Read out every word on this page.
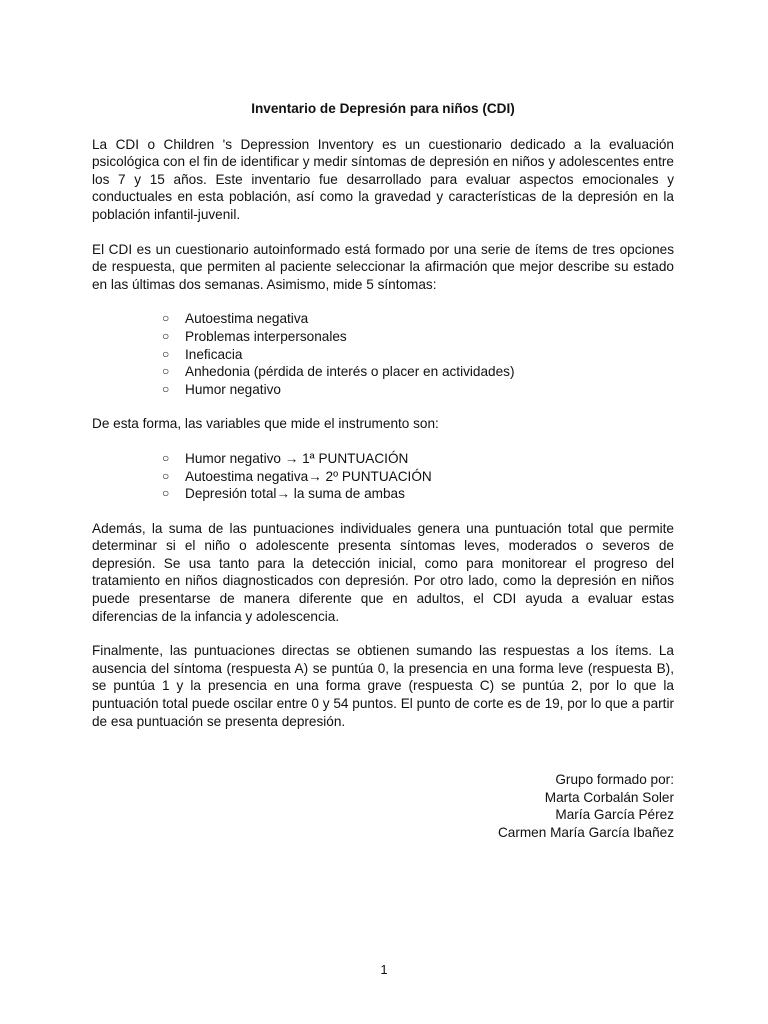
Inventario de Depresión para niños (CDI)

La CDI o Children 's Depression Inventory es un cuestionario dedicado a la evaluación psicológica con el fin de identificar y medir síntomas de depresión en niños y adolescentes entre los 7 y 15 años. Este inventario fue desarrollado para evaluar aspectos emocionales y conductuales en esta población, así como la gravedad y características de la depresión en la población infantil-juvenil.

El CDI es un cuestionario autoinformado está formado por una serie de ítems de tres opciones de respuesta, que permiten al paciente seleccionar la afirmación que mejor describe su estado en las últimas dos semanas. Asimismo, mide 5 síntomas:

○ Autoestima negativa
○ Problemas interpersonales
○ Ineficacia
○ Anhedonia (pérdida de interés o placer en actividades)
○ Humor negativo

De esta forma, las variables que mide el instrumento son:

○ Humor negativo → 1ª PUNTUACIÓN
○ Autoestima negativa→ 2º PUNTUACIÓN
○ Depresión total→ la suma de ambas

Además, la suma de las puntuaciones individuales genera una puntuación total que permite determinar si el niño o adolescente presenta síntomas leves, moderados o severos de depresión. Se usa tanto para la detección inicial, como para monitorear el progreso del tratamiento en niños diagnosticados con depresión. Por otro lado, como la depresión en niños puede presentarse de manera diferente que en adultos, el CDI ayuda a evaluar estas diferencias de la infancia y adolescencia.

Finalmente, las puntuaciones directas se obtienen sumando las respuestas a los ítems. La ausencia del síntoma (respuesta A) se puntúa 0, la presencia en una forma leve (respuesta B), se puntúa 1 y la presencia en una forma grave (respuesta C) se puntúa 2, por lo que la puntuación total puede oscilar entre 0 y 54 puntos. El punto de corte es de 19, por lo que a partir de esa puntuación se presenta depresión.

Grupo formado por:
Marta Corbalán Soler
María García Pérez
Carmen María García Ibañez
1
